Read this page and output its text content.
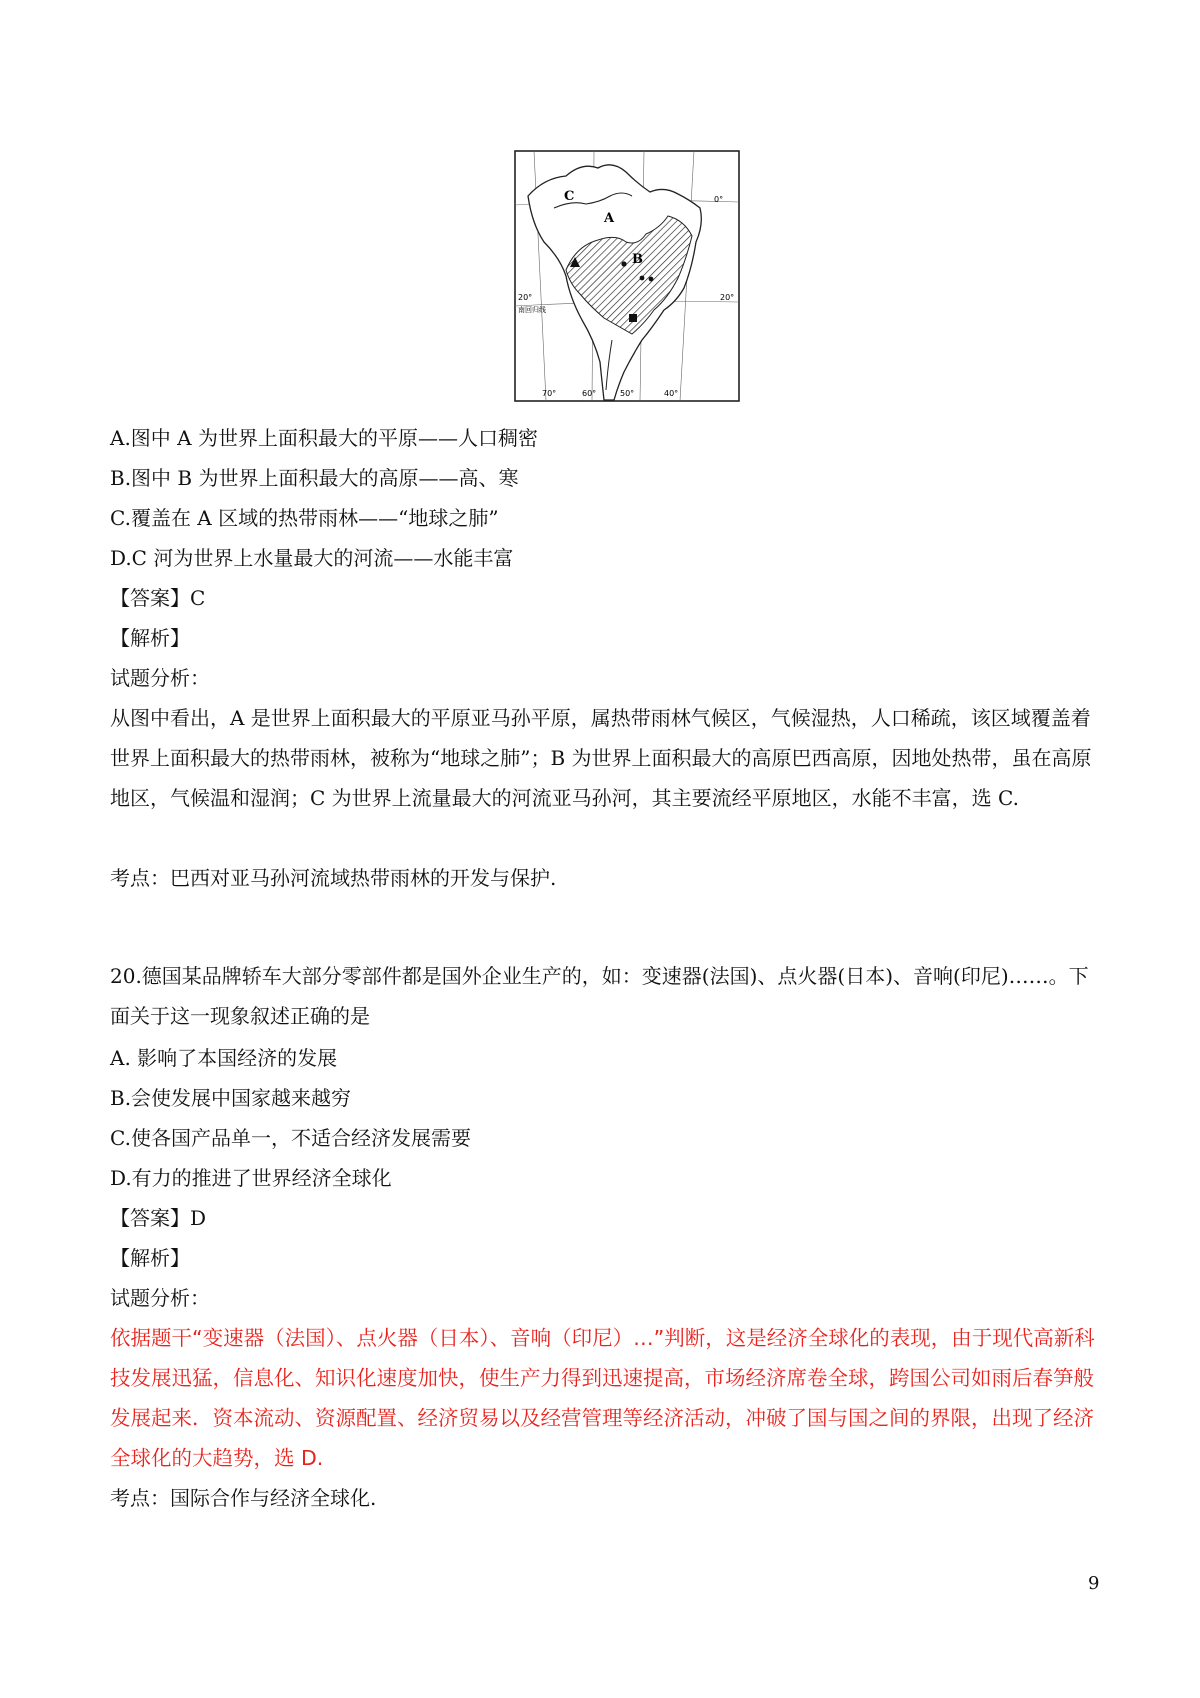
A
B
C	0°
20°	20°
南回归线
70°	60°	50°	40°
A.图中 A 为世界上面积最大的平原——人口稠密
B.图中 B 为世界上面积最大的高原——高、寒
C.覆盖在 A 区域的热带雨林——“地球之肺”
D.C 河为世界上水量最大的河流——水能丰富
【答案】C
【解析】
试题分析：
从图中看出，A 是世界上面积最大的平原亚马孙平原，属热带雨林气候区，气候湿热，人口稀疏，该区域覆盖着世界上面积最大的热带雨林，被称为“地球之肺”；B 为世界上面积最大的高原巴西高原，因地处热带，虽在高原地区，气候温和湿润；C 为世界上流量最大的河流亚马孙河，其主要流经平原地区，水能不丰富，选 C.
考点：巴西对亚马孙河流域热带雨林的开发与保护.
20.德国某品牌轿车大部分零部件都是国外企业生产的，如：变速器(法国)、点火器(日本)、音响(印尼)……。下面关于这一现象叙述正确的是
A. 影响了本国经济的发展
B.会使发展中国家越来越穷
C.使各国产品单一，不适合经济发展需要
D.有力的推进了世界经济全球化
【答案】D
【解析】
试题分析：
依据题干“变速器（法国）、点火器（日本）、音响（印尼）…”判断，这是经济全球化的表现，由于现代高新科技发展迅猛，信息化、知识化速度加快，使生产力得到迅速提高，市场经济席卷全球，跨国公司如雨后春笋般发展起来．资本流动、资源配置、经济贸易以及经营管理等经济活动，冲破了国与国之间的界限，出现了经济全球化的大趋势，选 D.
考点：国际合作与经济全球化.
9
